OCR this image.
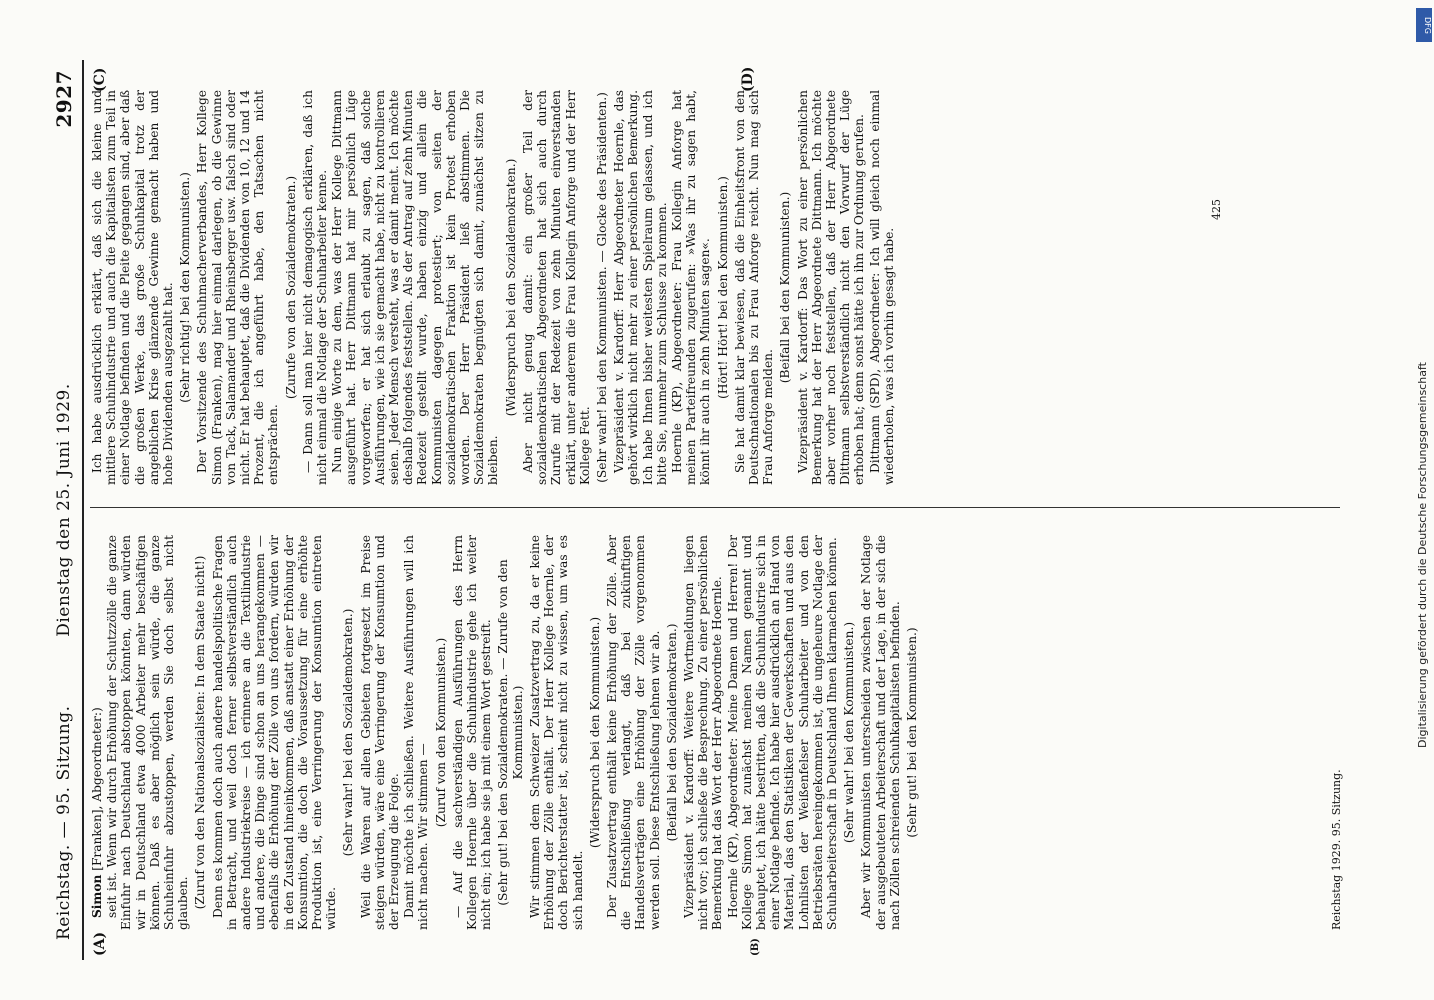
Reichstag. — 95. Sitzung.
Dienstag den 25. Juni 1929.
2927

Simon [Franken], Abgeordneter:) seit ist. Wenn wir durch Erhöhung der Schutzzölle die ganze Einfuhr nach Deutschland abstoppen könnten, dann würden wir in Deutschland etwa 4000 Arbeiter mehr beschäftigen können. Daß es aber möglich sein würde, die ganze Schuheinfuhr abzustoppen, werden Sie doch selbst nicht glauben. (Zuruf von den Nationalsozialisten: In dem Staate nicht!) Denn es kommen doch auch andere handelspolitische Fragen in Betracht, und weil doch ferner selbstverständlich auch andere Industriekreise — ich erinnere an die Textilindustrie und andere, die Dinge sind schon an uns herangekommen — ebenfalls die Erhöhung der Zölle von uns fordern, würden wir in den Zustand hineinkommen, daß anstatt einer Erhöhung der Konsumtion, die doch die Voraussetzung für eine erhöhte Produktion ist, eine Verringerung der Konsumtion eintreten würde.

(Sehr wahr! bei den Sozialdemokraten.) Weil die Waren auf allen Gebieten fortgesetzt im Preise steigen würden, wäre eine Verringerung der Konsumtion und der Erzeugung die Folge. Damit möchte ich schließen. Weitere Ausführungen will ich nicht machen. Wir stimmen —

(Zuruf von den Kommunisten.) — Auf die sachverständigen Ausführungen des Herrn Kollegen Hoernle über die Schuhindustrie gehe ich weiter nicht ein; ich habe sie ja mit einem Wort gestreift. (Sehr gut! bei den Sozialdemokraten. — Zurufe von den Kommunisten.) Wir stimmen dem Schweizer Zusatzvertrag zu, da er keine Erhöhung der Zölle enthält. Der Herr Kollege Hoernle, der doch Berichterstatter ist, scheint nicht zu wissen, um was es sich handelt.

(Widerspruch bei den Kommunisten.) Der Zusatzvertrag enthält keine Erhöhung der Zölle. Aber die Entschließung verlangt, daß bei zukünftigen Handelsverträgen eine Erhöhung der Zölle vorgenommen werden soll. Diese Entschließung lehnen wir ab. (Beifall bei den Sozialdemokraten.) Vizepräsident v. Kardorff: Weitere Wortmeldungen liegen nicht vor; ich schließe die Besprechung. Zu einer persönlichen Bemerkung hat das Wort der Herr Abgeordnete Hoernle. Hoernle (KP), Abgeordneter: Meine Damen und Herren! Der Kollege Simon hat zunächst meinen Namen genannt und behauptet, ich hätte bestritten, daß die Schuhindustrie sich in einer Notlage befinde. Ich habe hier ausdrücklich an Hand von Material, das den Statistiken der Gewerkschaften und aus den Lohnlisten der Weißenfelser Schuharbeiter und von den Betriebsräten hereingekommen ist, die ungeheure Notlage der Schuharbeiterschaft in Deutschland Ihnen klarmachen können. (Sehr wahr! bei den Kommunisten.) Aber wir Kommunisten unterscheiden zwischen der Notlage der ausgebeuteten Arbeiterschaft und der Lage, in der sich die nach Zöllen schreienden Schuhkapitalisten befinden. (Sehr gut! bei den Kommunisten.)

Ich habe ausdrücklich erklärt, daß sich die kleine und mittlere Schuhindustrie und auch die Kapitalisten zum Teil in einer Notlage befinden und die Pleite gegangen sind, aber daß die großen Werke, das große Schuhkapital trotz der angeblichen Krise glänzende Gewinne gemacht haben und hohe Dividenden ausgezahlt hat. (Sehr richtig! bei den Kommunisten.) Der Vorsitzende des Schuhmacherverbandes, Herr Kollege Simon (Franken), mag hier einmal darlegen, ob die Gewinne von Tack, Salamander und Rheinsberger usw. falsch sind oder nicht. Er hat behauptet, daß die Dividenden von 10, 12 und 14 Prozent, die ich angeführt habe, den Tatsachen nicht entsprächen.

(Zurufe von den Sozialdemokraten.) — Dann soll man hier nicht demagogisch erklären, daß ich nicht einmal die Notlage der Schuharbeiter kenne. Nun einige Worte zu dem, was der Herr Kollege Dittmann ausgeführt hat. Herr Dittmann hat mir persönlich Lüge vorgeworfen; er hat sich erlaubt zu sagen, daß solche Ausführungen, wie ich sie gemacht habe, nicht zu kontrollieren seien. Jeder Mensch versteht, was er damit meint. Ich möchte deshalb folgendes feststellen. Als der Antrag auf zehn Minuten Redezeit gestellt wurde, haben einzig und allein die Kommunisten dagegen protestiert; von seiten der sozialdemokratischen Fraktion ist kein Protest erhoben worden. Der Herr Präsident ließ abstimmen. Die Sozialdemokraten begnügten sich damit, zunächst sitzen zu bleiben.

(Widerspruch bei den Sozialdemokraten.) Aber nicht genug damit: ein großer Teil der sozialdemokratischen Abgeordneten hat sich auch durch Zurufe mit der Redezeit von zehn Minuten einverstanden erklärt, unter anderem die Frau Kollegin Anforge und der Herr Kollege Fett. (Sehr wahr! bei den Kommunisten. — Glocke des Präsidenten.) Vizepräsident v. Kardorff: Herr Abgeordneter Hoernle, das gehört wirklich nicht mehr zu einer persönlichen Bemerkung. Ich habe Ihnen bisher weitesten Spielraum gelassen, und ich bitte Sie, nunmehr zum Schlusse zu kommen. Hoernle (KP), Abgeordneter: Frau Kollegin Anforge hat meinen Parteifreunden zugerufen: »Was ihr zu sagen habt, könnt ihr auch in zehn Minuten sagen«. (Hört! Hört! bei den Kommunisten.) Sie hat damit klar bewiesen, daß die Einheitsfront von den Deutschnationalen bis zu Frau Anforge reicht. Nun mag sich Frau Anforge melden.

(Beifall bei den Kommunisten.) Vizepräsident v. Kardorff: Das Wort zu einer persönlichen Bemerkung hat der Herr Abgeordnete Dittmann. Ich möchte aber vorher noch feststellen, daß der Herr Abgeordnete Dittmann selbstverständlich nicht den Vorwurf der Lüge erhoben hat; denn sonst hätte ich ihn zur Ordnung gerufen. Dittmann (SPD), Abgeordneter: Ich will gleich noch einmal wiederholen, was ich vorhin gesagt habe.

(A)
(C)	(D)
(B)
Reichstag 1929. 95. Sitzung.
425
DFG
Digitalisierung gefördert durch die Deutsche Forschungsgemeinschaft
